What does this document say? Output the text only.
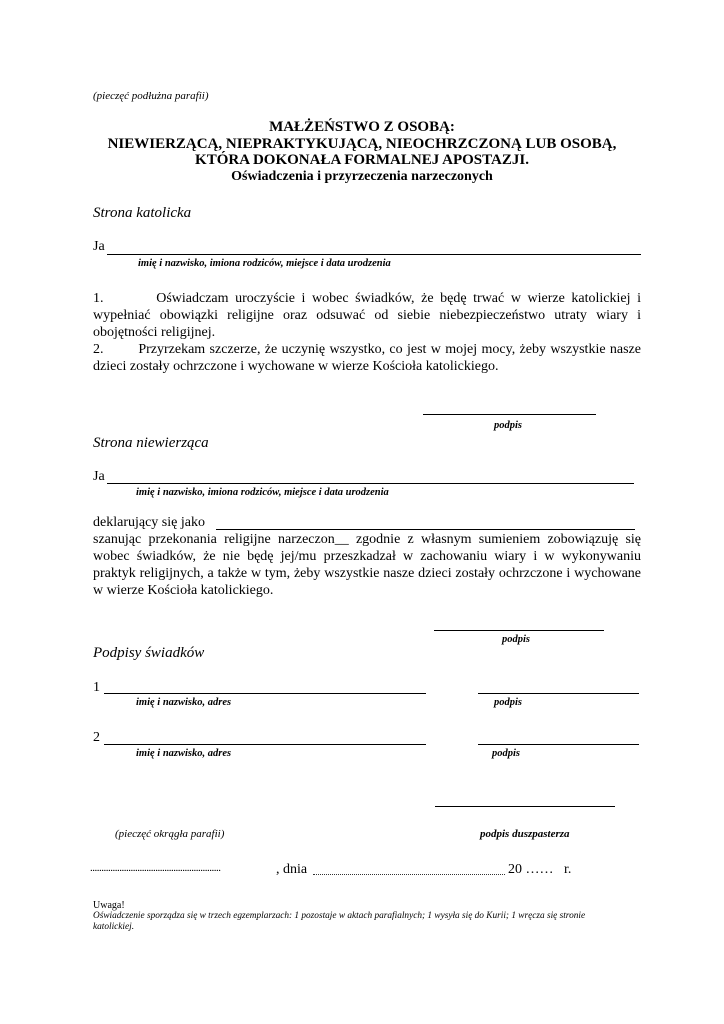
(pieczęć podłużna parafii)
MAŁŻEŃSTWO Z OSOBĄ:
NIEWIERZĄCĄ, NIEPRAKTYKUJĄCĄ, NIEOCHRZCZONĄ LUB OSOBĄ,
KTÓRA DOKONAŁA FORMALNEJ APOSTAZJI.
Oświadczenia i przyrzeczenia narzeczonych
Strona katolicka
Ja
imię i nazwisko, imiona rodziców, miejsce i data urodzenia
1.        Oświadczam uroczyście i wobec świadków, że będę trwać w wierze katolickiej i wypełniać obowiązki religijne oraz odsuwać od siebie niebezpieczeństwo utraty wiary i obojętności religijnej.
2.        Przyrzekam szczerze, że uczynię wszystko, co jest w mojej mocy, żeby wszystkie nasze dzieci zostały ochrzczone i wychowane w wierze Kościoła katolickiego.
podpis
Strona niewierząca
Ja
imię i nazwisko, imiona rodziców, miejsce i data urodzenia
deklarujący się jako
szanując przekonania religijne narzeczon__ zgodnie z własnym sumieniem zobowiązuję się wobec świadków, że nie będę jej/mu przeszkadzał w zachowaniu wiary i w wykonywaniu praktyk religijnych, a także w tym, żeby wszystkie nasze dzieci zostały ochrzczone i wychowane w wierze Kościoła katolickiego.
podpis
Podpisy świadków
1
imię i nazwisko, adres	podpis
2
imię i nazwisko, adres	podpis
(pieczęć okrągła parafii)	podpis duszpasterza
..........................................................	, dnia	20 …… r.
Uwaga!
Oświadczenie sporządza się w trzech egzemplarzach: 1 pozostaje w aktach parafialnych; 1 wysyła się do Kurii; 1 wręcza się stronie
katolickiej.
